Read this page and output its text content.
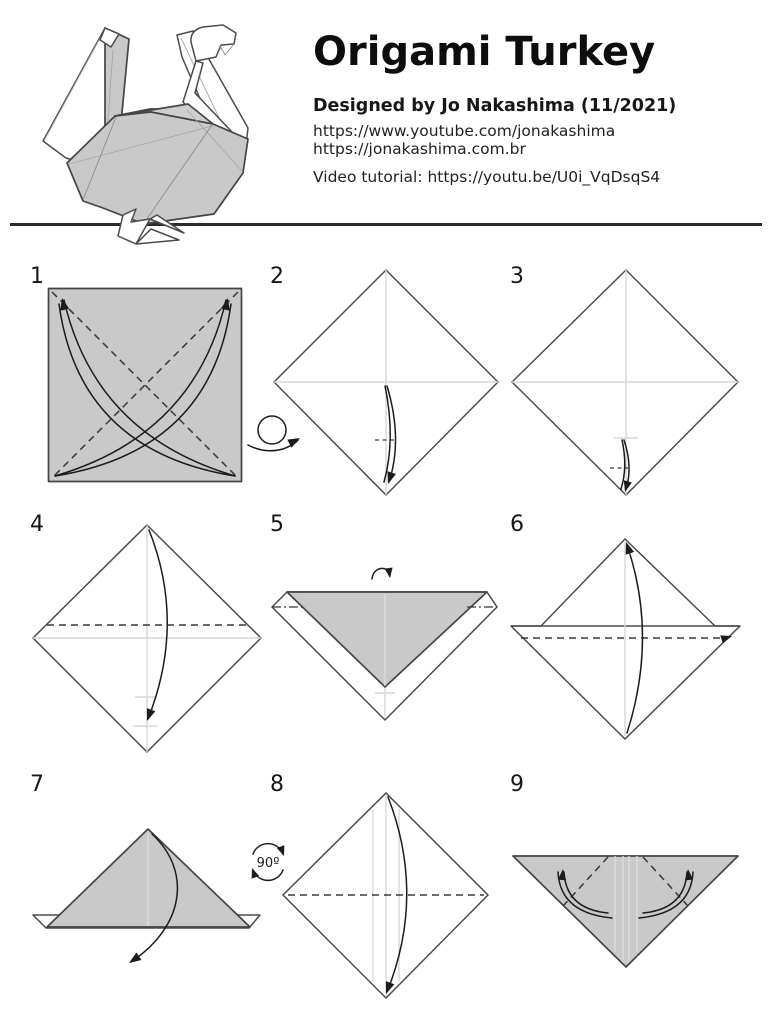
Origami Turkey
Designed by Jo Nakashima (11/2021)
https://www.youtube.com/jonakashima
https://jonakashima.com.br
Video tutorial: https://youtu.be/U0i_VqDsqS4
1	2	3
4	5	6
7	8	9
90º
